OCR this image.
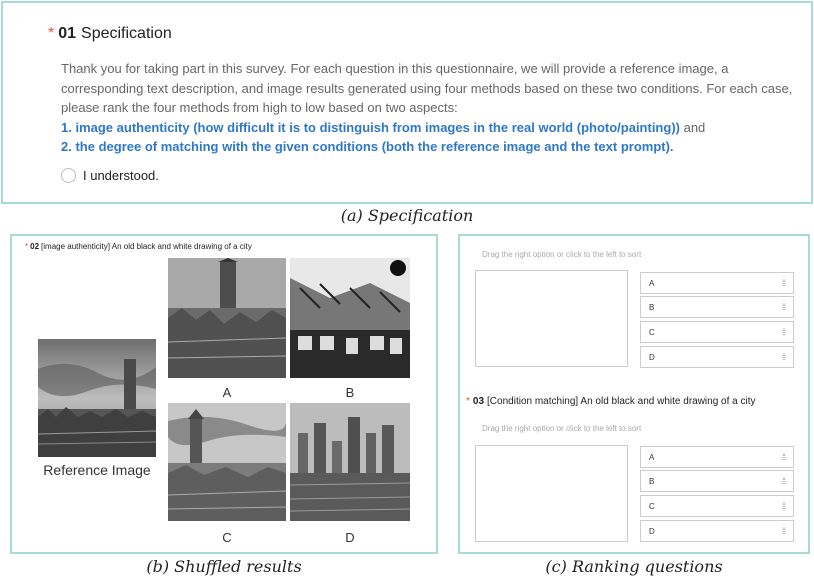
* 01 Specification
Thank you for taking part in this survey. For each question in this questionnaire, we will provide a reference image, a
corresponding text description, and image results generated using four methods based on these two conditions. For each case,
please rank the four methods from high to low based on two aspects:
1. image authenticity (how difficult it is to distinguish from images in the real world (photo/painting)) and
2. the degree of matching with the given conditions (both the reference image and the text prompt).
I understood.
(a) Specification
* 02 [image authenticity] An old black and white drawing of a city
Reference Image
A	B
C	D
(b) Shuffled results
Drag the right option or click to the left to sort
A	⁞⁞
B	⁞⁞
C	⁞⁞
D	⁞⁞
* 03 [Condition matching] An old black and white drawing of a city
Drag the right option or click to the left to sort
A	⁞⁞
B	⁞⁞
C	⁞⁞
D	⁞⁞
(c) Ranking questions
